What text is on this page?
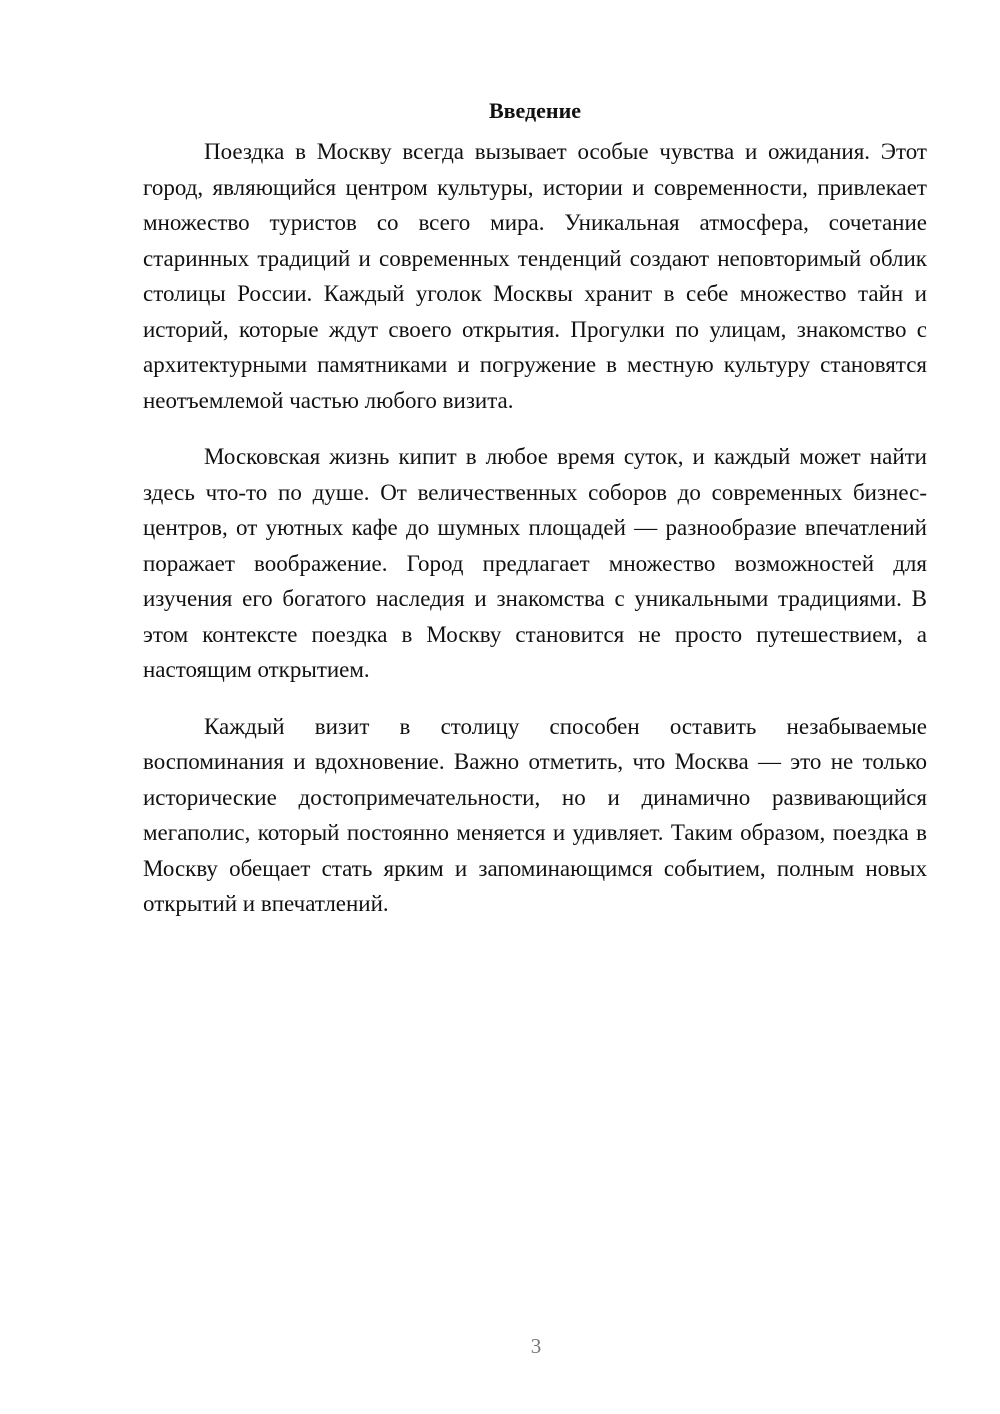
Введение

Поездка в Москву всегда вызывает особые чувства и ожидания. Этот город, являющийся центром культуры, истории и современности, привлекает множество туристов со всего мира. Уникальная атмосфера, сочетание старинных традиций и современных тенденций создают неповторимый облик столицы России. Каждый уголок Москвы хранит в себе множество тайн и историй, которые ждут своего открытия. Прогулки по улицам, знакомство с архитектурными памятниками и погружение в местную культуру становятся неотъемлемой частью любого визита.

Московская жизнь кипит в любое время суток, и каждый может найти здесь что-то по душе. От величественных соборов до современных бизнес-центров, от уютных кафе до шумных площадей — разнообразие впечатлений поражает воображение. Город предлагает множество возможностей для изучения его богатого наследия и знакомства с уникальными традициями. В этом контексте поездка в Москву становится не просто путешествием, а настоящим открытием.

Каждый визит в столицу способен оставить незабываемые воспоминания и вдохновение. Важно отметить, что Москва — это не только исторические достопримечательности, но и динамично развивающийся мегаполис, который постоянно меняется и удивляет. Таким образом, поездка в Москву обещает стать ярким и запоминающимся событием, полным новых открытий и впечатлений.

3
